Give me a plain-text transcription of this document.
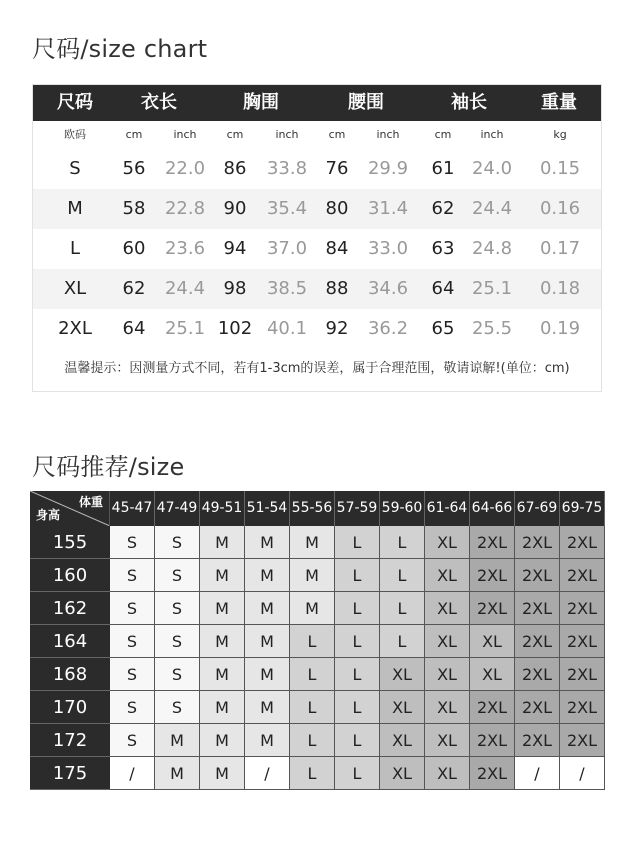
尺码/size chart
尺码	衣长	胸围	腰围	袖长	重量
欧码	cm	inch	cm	inch	cm	inch	cm	inch	kg
S 56 22.0 86 33.8 76 29.9 61 24.0 0.15
M 58 22.8 90 35.4 80 31.4 62 24.4 0.16
L 60 23.6 94 37.0 84 33.0 63 24.8 0.17
XL 62 24.4 98 38.5 88 34.6 64 25.1 0.18
2XL 64 25.1 102 40.1 92 36.2 65 25.5 0.19
温馨提示：因测量方式不同，若有1-3cm的误差，属于合理范围，敬请谅解!(单位：cm)
尺码推荐/size
体重
身高	45-47 47-49 49-51 51-54 55-56 57-59 59-60 61-64 64-66 67-69 69-75
155	S	S	M	M	M	L	L	XL	2XL 2XL 2XL
160	S	S	M	M	M	L	L	XL	2XL 2XL 2XL
162	S	S	M	M	M	L	L	XL	2XL 2XL 2XL
164	S	S	M	M	L	L	L	XL	XL	2XL 2XL
168	S	S	M	M	L	L	XL	XL	XL	2XL 2XL
170	S	S	M	M	L	L	XL	XL	2XL 2XL 2XL
172	S	M	M	M	L	L	XL	XL	2XL 2XL 2XL
175	/	M	M	/	L	L	XL	XL	2XL	/	/
